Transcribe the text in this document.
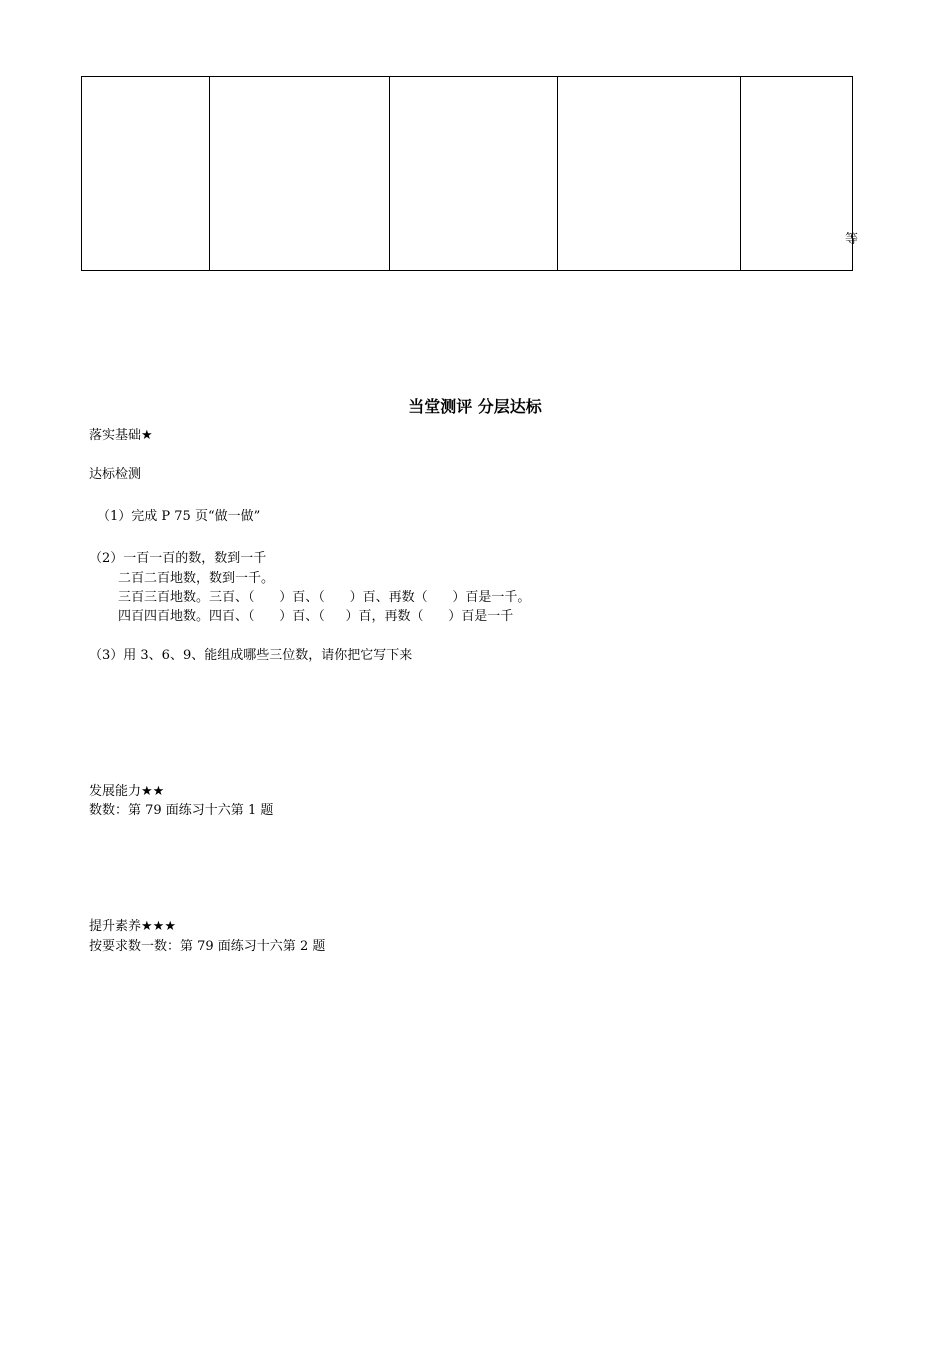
等
当堂测评 分层达标
落实基础★
达标检测
（1）完成 P 75 页“做一做”
（2）一百一百的数，数到一千
二百二百地数，数到一千。
三百三百地数。三百、（      ）百、（      ）百、再数（      ）百是一千。
四百四百地数。四百、（      ）百、（     ）百，再数（      ）百是一千
（3）用 3、6、9、能组成哪些三位数，请你把它写下来
发展能力★★
数数：第 79 面练习十六第 1 题
提升素养★★★
按要求数一数：第 79 面练习十六第 2 题
